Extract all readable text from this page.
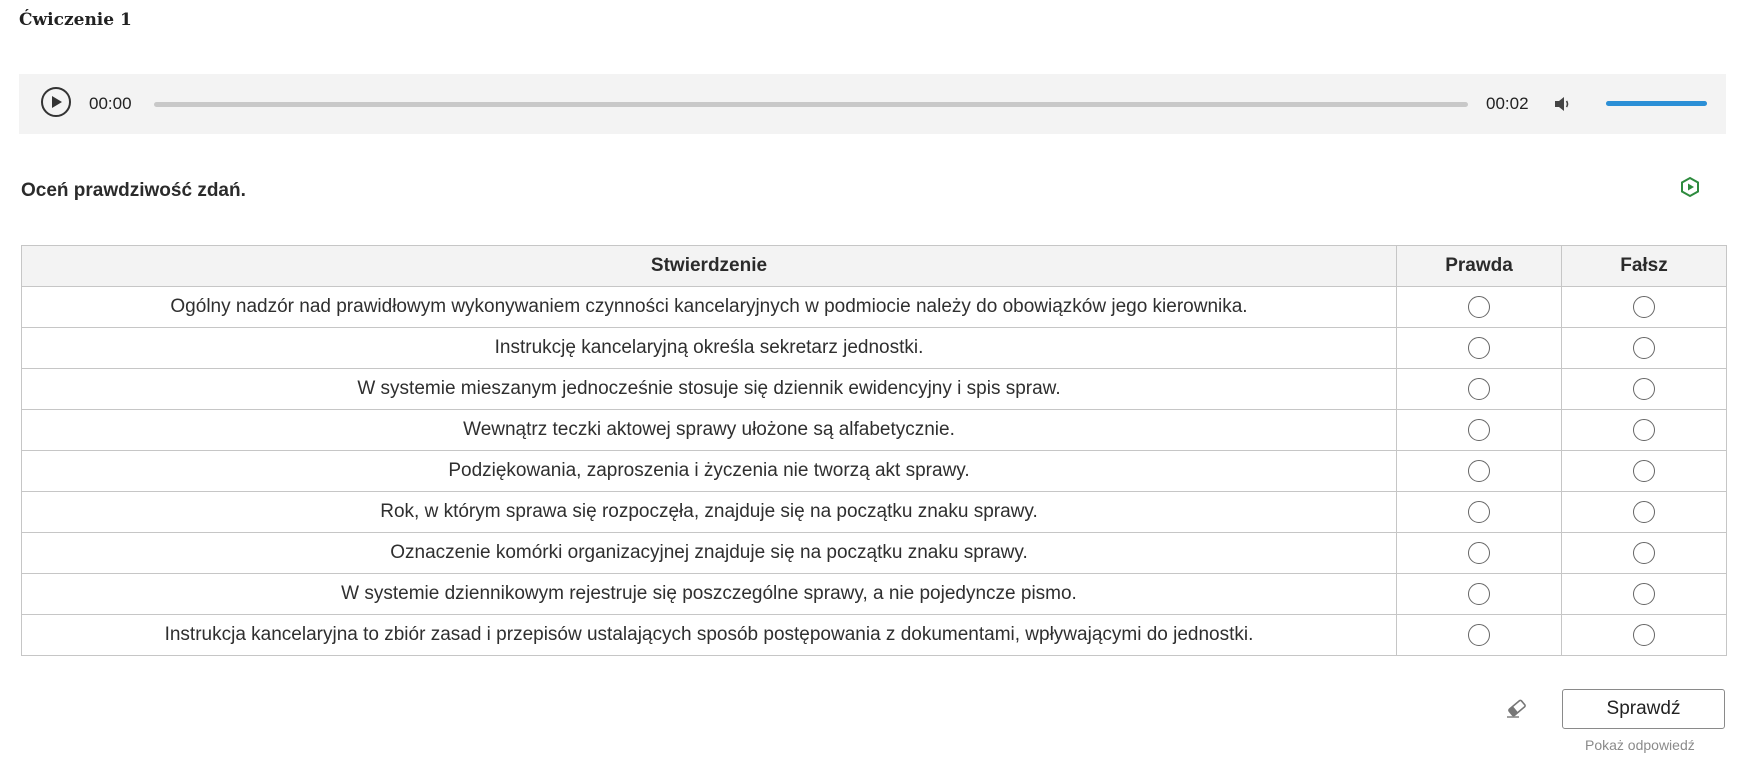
Ćwiczenie 1
00:00	00:02
Oceń prawdziwość zdań.
Stwierdzenie	Prawda	Fałsz
Ogólny nadzór nad prawidłowym wykonywaniem czynności kancelaryjnych w podmiocie należy do obowiązków jego kierownika.		
Instrukcję kancelaryjną określa sekretarz jednostki.		
W systemie mieszanym jednocześnie stosuje się dziennik ewidencyjny i spis spraw.		
Wewnątrz teczki aktowej sprawy ułożone są alfabetycznie.		
Podziękowania, zaproszenia i życzenia nie tworzą akt sprawy.		
Rok, w którym sprawa się rozpoczęła, znajduje się na początku znaku sprawy.		
Oznaczenie komórki organizacyjnej znajduje się na początku znaku sprawy.		
W systemie dziennikowym rejestruje się poszczególne sprawy, a nie pojedyncze pismo.		
Instrukcja kancelaryjna to zbiór zasad i przepisów ustalających sposób postępowania z dokumentami, wpływającymi do jednostki.		
Sprawdź
Pokaż odpowiedź
